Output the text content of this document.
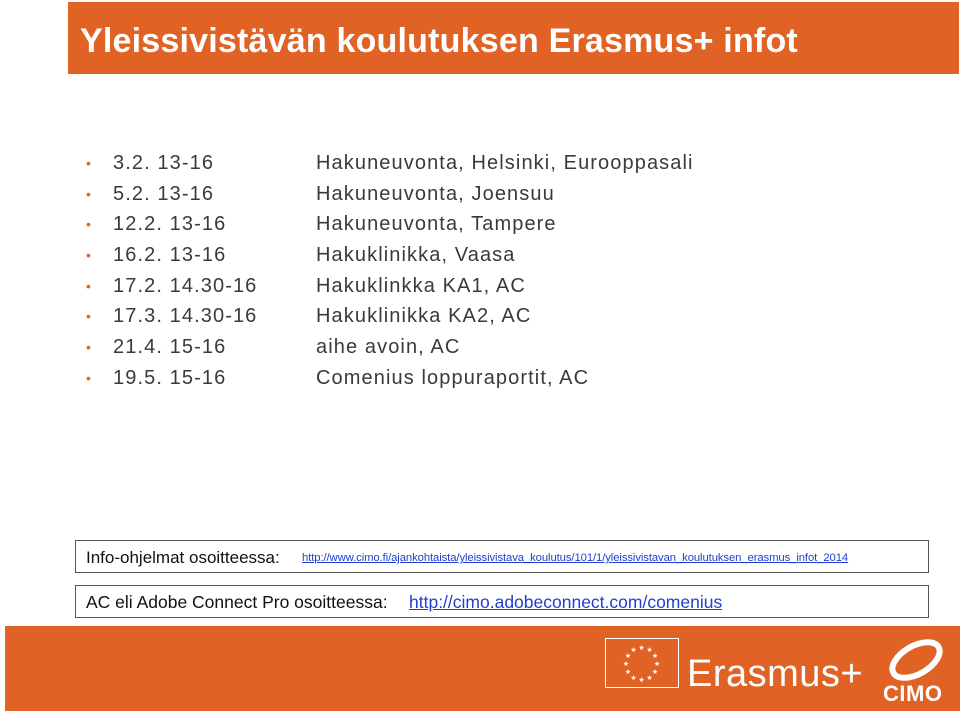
Yleissivistävän koulutuksen Erasmus+ infot
• 3.2. 13-16	Hakuneuvonta, Helsinki, Eurooppasali
• 5.2. 13-16	Hakuneuvonta, Joensuu
• 12.2. 13-16	Hakuneuvonta, Tampere
• 16.2. 13-16	Hakuklinikka, Vaasa
• 17.2. 14.30-16	Hakuklinkka KA1, AC
• 17.3. 14.30-16	Hakuklinikka KA2, AC
• 21.4. 15-16	aihe avoin, AC
• 19.5. 15-16	Comenius loppuraportit, AC
Info-ohjelmat osoitteessa: http://www.cimo.fi/ajankohtaista/yleissivistava_koulutus/101/1/yleissivistavan_koulutuksen_erasmus_infot_2014
AC eli Adobe Connect Pro osoitteessa: http://cimo.adobeconnect.com/comenius
★ ★
★
★
★
★
★
★
★
★
★
★
Erasmus+ CIMO
